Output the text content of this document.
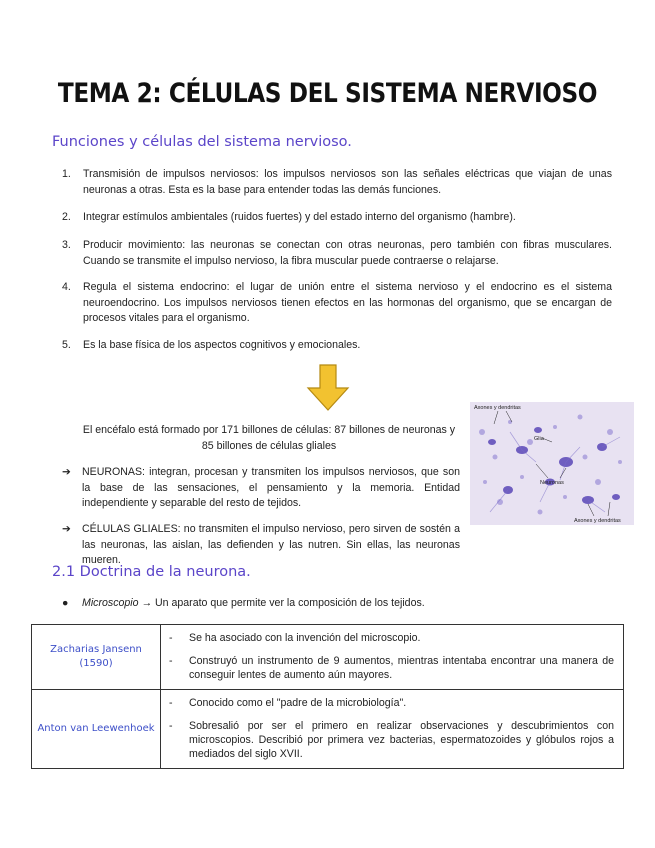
TEMA 2: CÉLULAS DEL SISTEMA NERVIOSO
Funciones y células del sistema nervioso.
1. Transmisión de impulsos nerviosos: los impulsos nerviosos son las señales eléctricas que viajan de unas neuronas a otras. Esta es la base para entender todas las demás funciones.
2. Integrar estímulos ambientales (ruidos fuertes) y del estado interno del organismo (hambre).
3. Producir movimiento: las neuronas se conectan con otras neuronas, pero también con fibras musculares. Cuando se transmite el impulso nervioso, la fibra muscular puede contraerse o relajarse.
4. Regula el sistema endocrino: el lugar de unión entre el sistema nervioso y el endocrino es el sistema neuroendocrino. Los impulsos nerviosos tienen efectos en las hormonas del organismo, que se encargan de procesos vitales para el organismo.
5. Es la base física de los aspectos cognitivos y emocionales.
El encéfalo está formado por 171 billones de células: 87 billones de neuronas y
85 billones de células gliales
➔ NEURONAS: integran, procesan y transmiten los impulsos nerviosos, que son la base de las sensaciones, el pensamiento y la memoria. Entidad independiente y separable del resto de tejidos.
➔ CÉLULAS GLIALES: no transmiten el impulso nervioso, pero sirven de sostén a las neuronas, las aislan, las defienden y las nutren. Sin ellas, las neuronas mueren.
Axones y dendritas
Glia
Neuronas
Axones y dendritas
2.1 Doctrina de la neurona.
● Microscopio → Un aparato que permite ver la composición de los tejidos.
Zacharias Jansenn (1590)	- Se ha asociado con la invención del microscopio.
- Construyó un instrumento de 9 aumentos, mientras intentaba encontrar una manera de conseguir lentes de aumento aún mayores.

Anton van Leewenhoek	- Conocido como el "padre de la microbiología".
- Sobresalió por ser el primero en realizar observaciones y descubrimientos con microscopios. Describió por primera vez bacterias, espermatozoides y glóbulos rojos a mediados del siglo XVII.
